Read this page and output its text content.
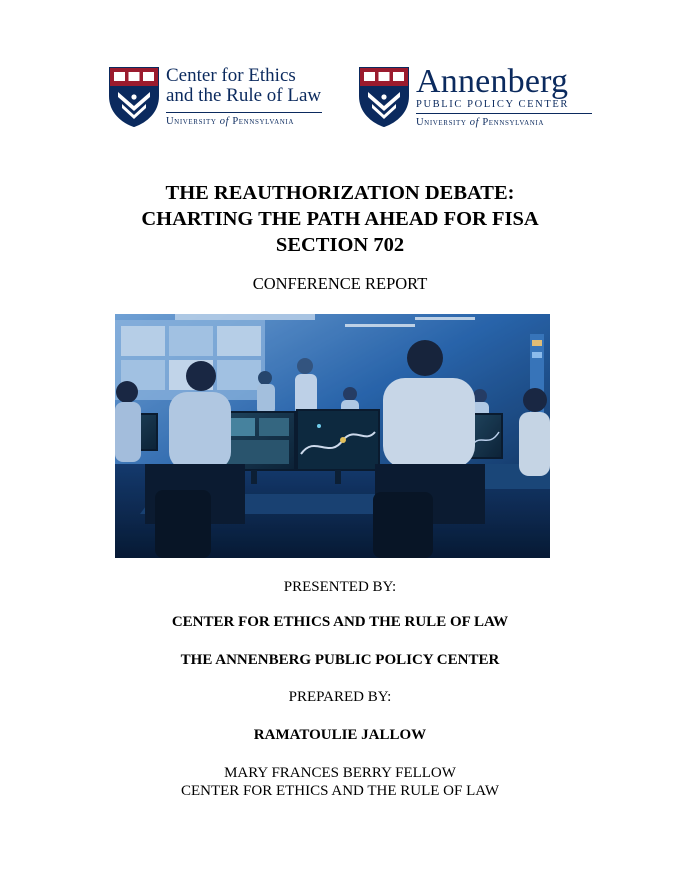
Center for Ethics
and the Rule of Law
University of Pennsylvania
Annenberg
PUBLIC POLICY CENTER
University of Pennsylvania
THE REAUTHORIZATION DEBATE:
CHARTING THE PATH AHEAD FOR FISA
SECTION 702
CONFERENCE REPORT
PRESENTED BY:
CENTER FOR ETHICS AND THE RULE OF LAW
THE ANNENBERG PUBLIC POLICY CENTER
PREPARED BY:
RAMATOULIE JALLOW
MARY FRANCES BERRY FELLOW
CENTER FOR ETHICS AND THE RULE OF LAW
